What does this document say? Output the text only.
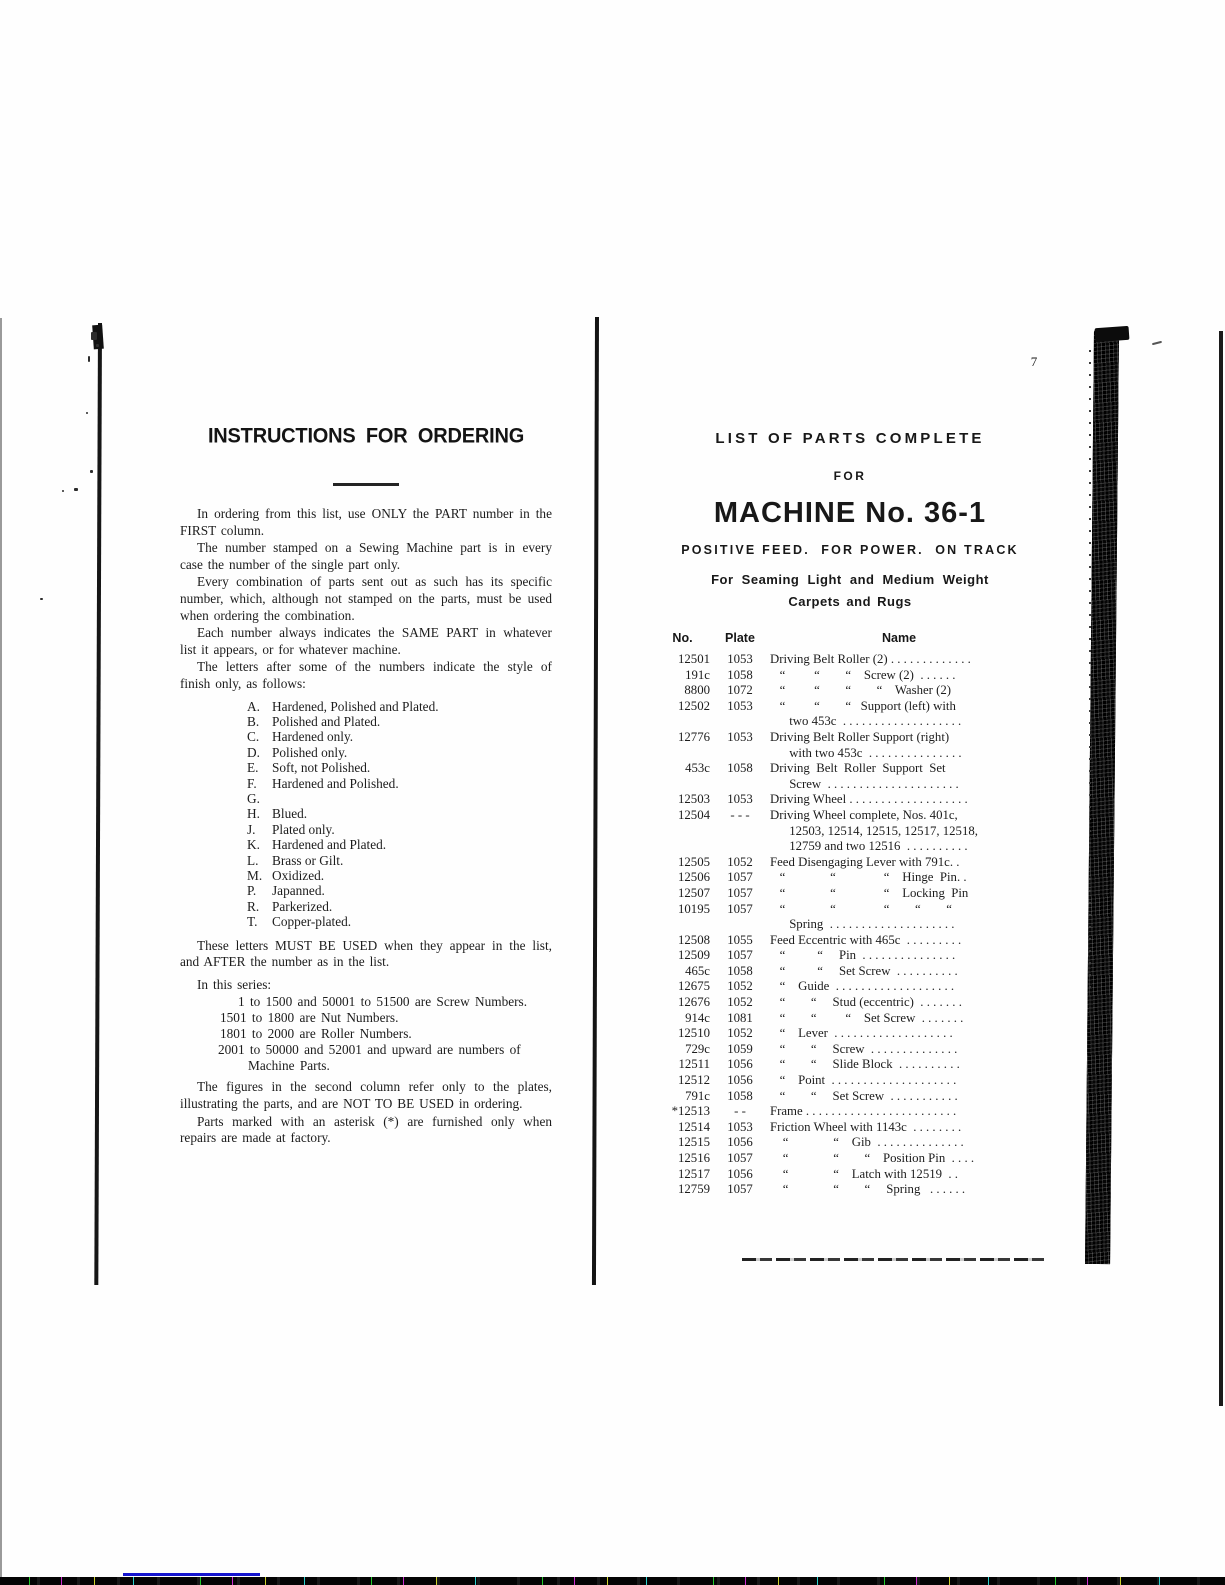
INSTRUCTIONS FOR ORDERING

In ordering from this list, use ONLY the PART number in the FIRST column.

The number stamped on a Sewing Machine part is in every case the number of the single part only.

Every combination of parts sent out as such has its specific number, which, although not stamped on the parts, must be used when ordering the combination.

Each number always indicates the SAME PART in whatever list it appears, or for whatever machine.

The letters after some of the numbers indicate the style of finish only, as follows:

A. Hardened, Polished and Plated.
B. Polished and Plated.
C. Hardened only.
D. Polished only.
E. Soft, not Polished.
F. Hardened and Polished.
G.
H. Blued.
J. Plated only.
K. Hardened and Plated.
L. Brass or Gilt.
M. Oxidized.
P. Japanned.
R. Parkerized.
T. Copper-plated.

These letters MUST BE USED when they appear in the list, and AFTER the number as in the list.

In this series:

1 to 1500 and 50001 to 51500 are Screw Numbers.
1501 to 1800 are Nut Numbers.
1801 to 2000 are Roller Numbers.
2001 to 50000 and 52001 and upward are numbers of
Machine Parts.

The figures in the second column refer only to the plates, illustrating the parts, and are NOT TO BE USED in ordering.

Parts marked with an asterisk (*) are furnished only when repairs are made at factory.

7
LIST OF PARTS COMPLETE
FOR
MACHINE No. 36-1
POSITIVE FEED.  FOR POWER.  ON TRACK
For Seaming Light and Medium Weight
Carpets and Rugs
No.	Plate	Name
12501	1053	Driving Belt Roller (2) . . . . . . . . . . . . .
191c	1058	“         “        “    Screw (2)  . . . . . .
8800	1072	“         “        “        “    Washer (2)
12502	1053	“         “        “   Support (left) with
two 453c  . . . . . . . . . . . . . . . . . . .
12776	1053	Driving Belt Roller Support (right)
with two 453c  . . . . . . . . . . . . . . .
453c	1058	Driving  Belt  Roller  Support  Set
Screw  . . . . . . . . . . . . . . . . . . . . .
12503	1053	Driving Wheel . . . . . . . . . . . . . . . . . . .
12504	- - -	Driving Wheel complete, Nos. 401c,
12503, 12514, 12515, 12517, 12518,
12759 and two 12516  . . . . . . . . . .
12505	1052	Feed Disengaging Lever with 791c. .
12506	1057	“              “               “    Hinge  Pin. .
12507	1057	“              “               “    Locking  Pin
10195	1057	“              “               “        “        “
Spring  . . . . . . . . . . . . . . . . . . . .
12508	1055	Feed Eccentric with 465c  . . . . . . . . .
12509	1057	“          “     Pin  . . . . . . . . . . . . . . .
465c	1058	“          “     Set Screw  . . . . . . . . . .
12675	1052	“    Guide  . . . . . . . . . . . . . . . . . . .
12676	1052	“        “     Stud (eccentric)  . . . . . . .
914c	1081	“        “         “    Set Screw  . . . . . . .
12510	1052	“    Lever  . . . . . . . . . . . . . . . . . . .
729c	1059	“        “     Screw  . . . . . . . . . . . . . .
12511	1056	“        “     Slide Block  . . . . . . . . . .
12512	1056	“    Point  . . . . . . . . . . . . . . . . . . . .
791c	1058	“        “     Set Screw  . . . . . . . . . . .
*12513	- -	Frame . . . . . . . . . . . . . . . . . . . . . . . .
12514	1053	Friction Wheel with 1143c  . . . . . . . .
12515	1056	“              “    Gib  . . . . . . . . . . . . . .
12516	1057	“              “        “    Position Pin  . . . .
12517	1056	“              “    Latch with 12519  . .
12759	1057	“              “        “     Spring   . . . . . .
